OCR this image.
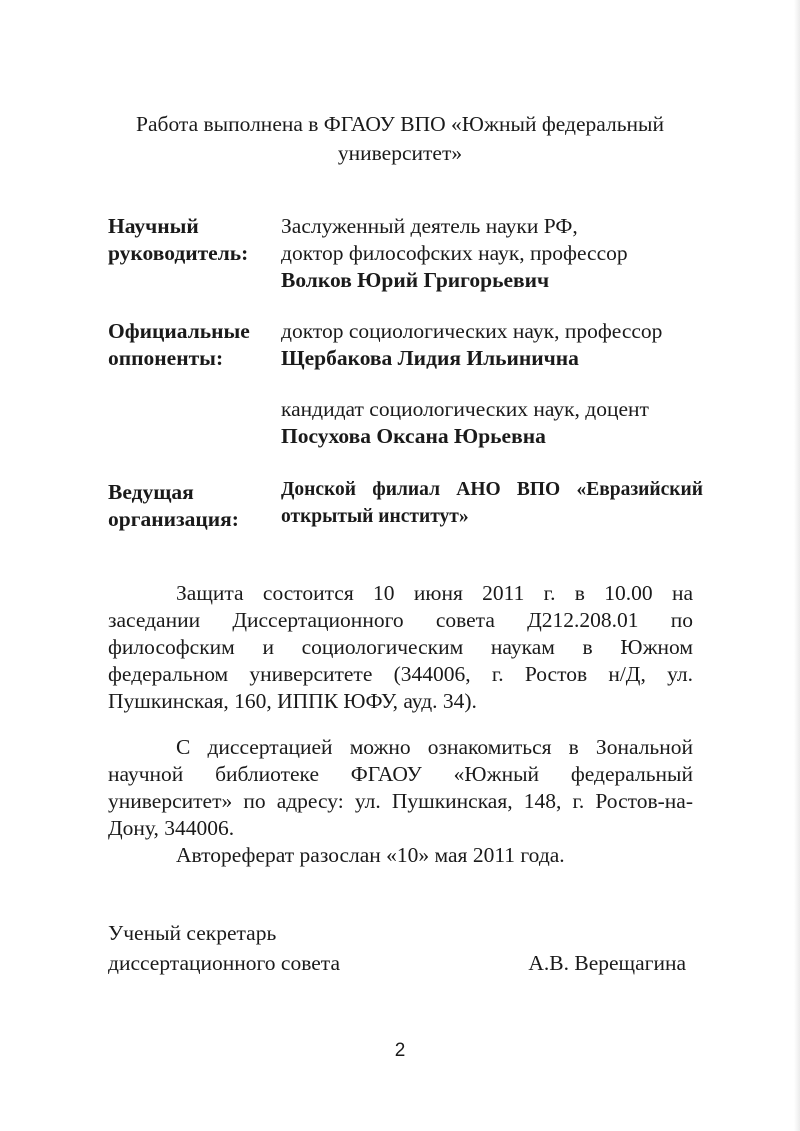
Работа выполнена в ФГАОУ ВПО «Южный федеральный
университет»
Научный
руководитель:
Заслуженный деятель науки РФ,
доктор философских наук, профессор
Волков Юрий Григорьевич
Официальные
оппоненты:
доктор социологических наук, профессор
Щербакова Лидия Ильинична
кандидат социологических наук, доцент
Посухова Оксана Юрьевна
Ведущая
организация:
Донской филиал АНО ВПО «Евразийский
открытый институт»
Защита состоится 10 июня 2011 г. в 10.00 на
заседании Диссертационного совета Д212.208.01 по
философским и социологическим наукам в Южном
федеральном университете (344006, г. Ростов н/Д, ул.
Пушкинская, 160, ИППК ЮФУ, ауд. 34).
С диссертацией можно ознакомиться в Зональной
научной библиотеке ФГАОУ «Южный федеральный
университет» по адресу: ул. Пушкинская, 148, г. Ростов-на-
Дону, 344006.
Автореферат разослан «10» мая 2011 года.
Ученый секретарь
диссертационного совета	А.В. Верещагина
2
